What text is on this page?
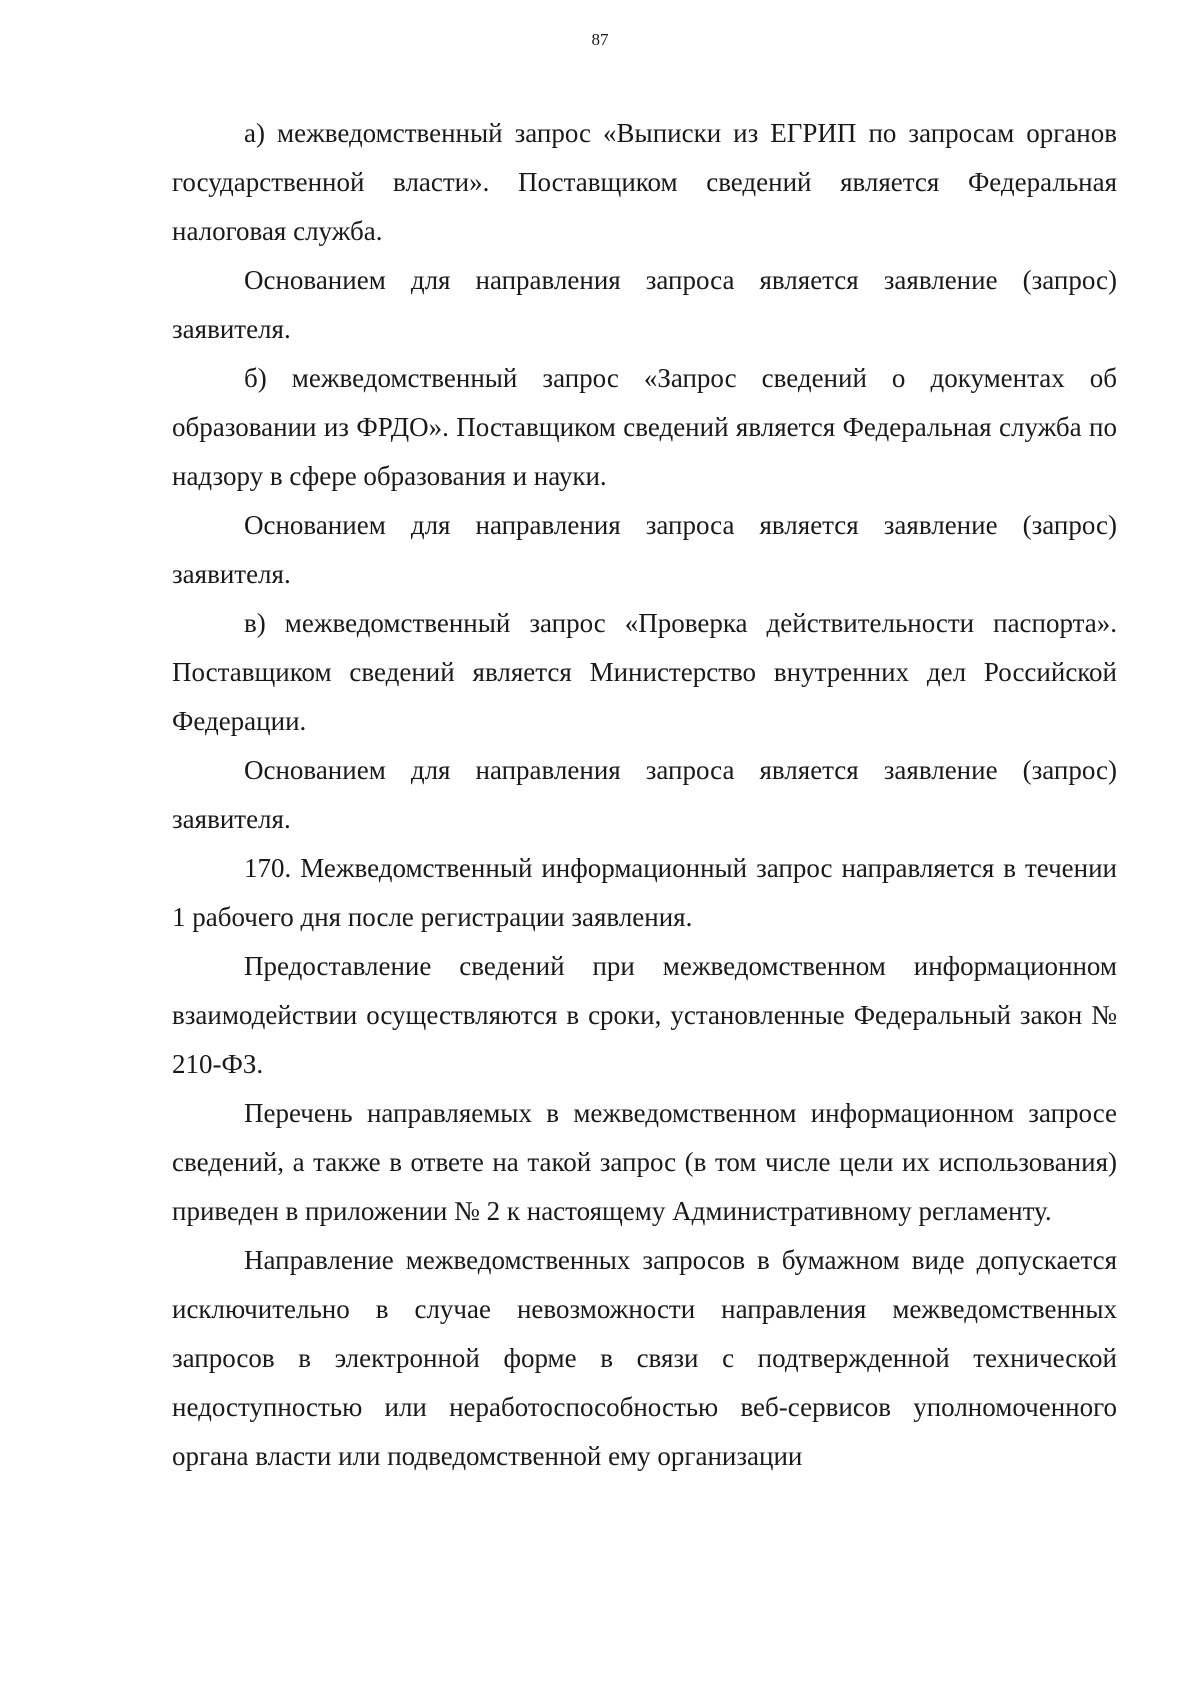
87

а) межведомственный запрос «Выписки из ЕГРИП по запросам органов государственной власти». Поставщиком сведений является Федеральная налоговая служба.

Основанием для направления запроса является заявление (запрос) заявителя.

б) межведомственный запрос «Запрос сведений о документах об образовании из ФРДО». Поставщиком сведений является Федеральная служба по надзору в сфере образования и науки.

Основанием для направления запроса является заявление (запрос) заявителя.

в) межведомственный запрос «Проверка действительности паспорта». Поставщиком сведений является Министерство внутренних дел Российской Федерации.

Основанием для направления запроса является заявление (запрос) заявителя.

170. Межведомственный информационный запрос направляется в течении 1 рабочего дня после регистрации заявления.

Предоставление сведений при межведомственном информационном взаимодействии осуществляются в сроки, установленные Федеральный закон № 210-ФЗ.

Перечень направляемых в межведомственном информационном запросе сведений, а также в ответе на такой запрос (в том числе цели их использования) приведен в приложении № 2 к настоящему Административному регламенту.

Направление межведомственных запросов в бумажном виде допускается исключительно в случае невозможности направления межведомственных запросов в электронной форме в связи с подтвержденной технической недоступностью или неработоспособностью веб-сервисов уполномоченного органа власти или подведомственной ему организации
